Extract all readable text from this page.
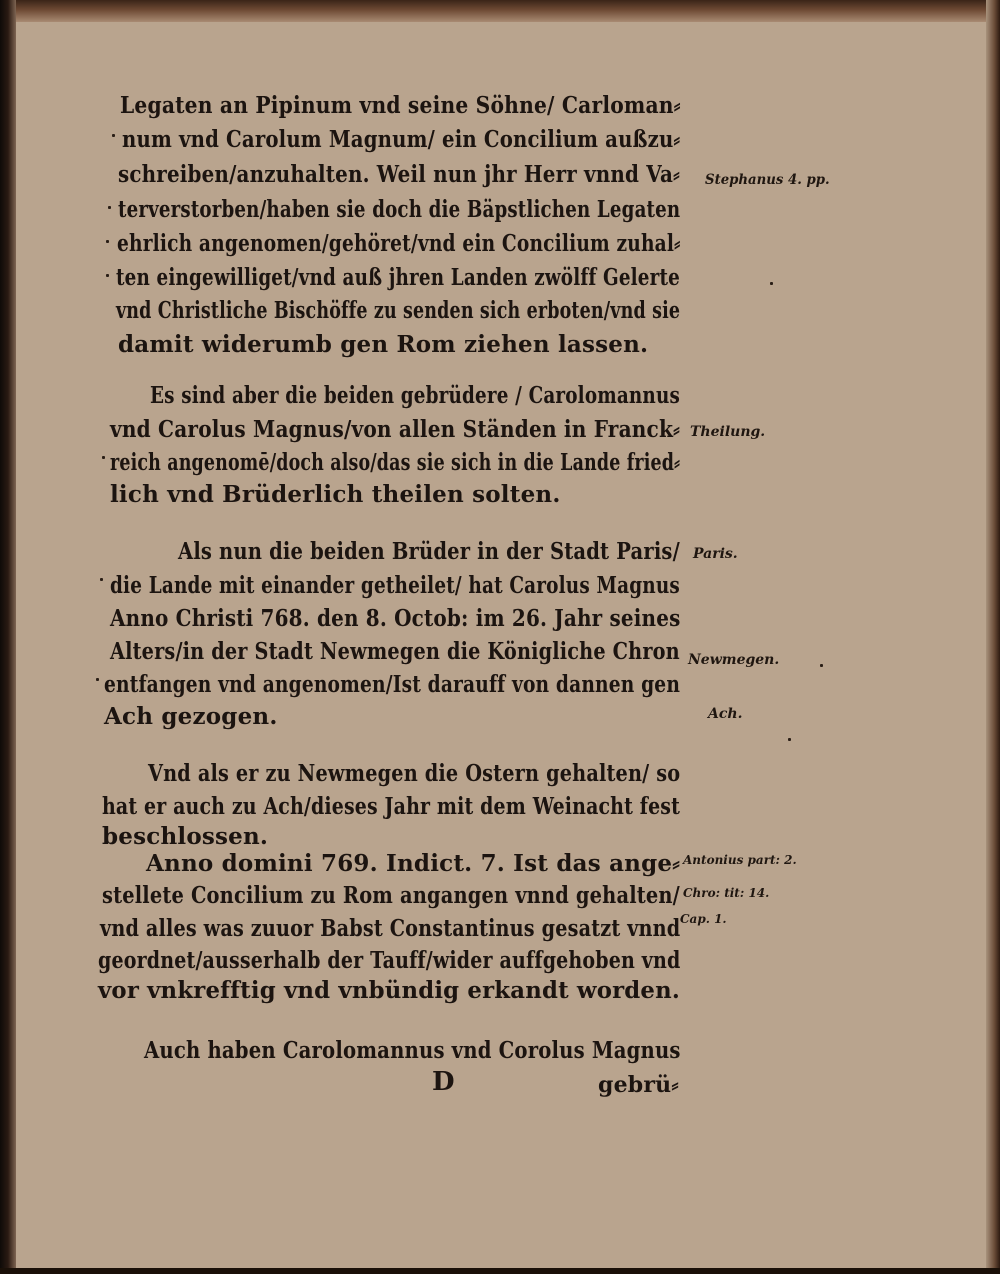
Legaten an Pipinum vnd seine Söhne/ Carloman⸗
num vnd Carolum Magnum/ ein Concilium außzu⸗
schreiben/anzuhalten. Weil nun jhr Herr vnnd Va⸗
terverstorben/haben sie doch die Bäpstlichen Legaten
ehrlich angenomen/gehöret/vnd ein Concilium zuhal⸗
ten eingewilliget/vnd auß jhren Landen zwölff Gelerte
vnd Christliche Bischöffe zu senden sich erboten/vnd sie
damit widerumb gen Rom ziehen lassen.
Es sind aber die beiden gebrüdere / Carolomannus
vnd Carolus Magnus/von allen Ständen in Franck⸗
reich angenomē/doch also/das sie sich in die Lande fried⸗
lich vnd Brüderlich theilen solten.
Als nun die beiden Brüder in der Stadt Paris/
die Lande mit einander getheilet/ hat Carolus Magnus
Anno Christi 768. den 8. Octob: im 26. Jahr seines
Alters/in der Stadt Newmegen die Königliche Chron
entfangen vnd angenomen/Ist darauff von dannen gen
Ach gezogen.
Vnd als er zu Newmegen die Ostern gehalten/ so
hat er auch zu Ach/dieses Jahr mit dem Weinacht fest
beschlossen.
Anno domini 769. Indict. 7. Ist das ange⸗
stellete Concilium zu Rom angangen vnnd gehalten/
vnd alles was zuuor Babst Constantinus gesatzt vnnd
geordnet/ausserhalb der Tauff/wider auffgehoben vnd
vor vnkrefftig vnd vnbündig erkandt worden.
Auch haben Carolomannus vnd Corolus Magnus
D	gebrü⸗
Stephanus 4. pp.
Theilung.
Paris.
Newmegen.
Ach.
Antonius part: 2.
Chro: tit: 14.
Cap. 1.
